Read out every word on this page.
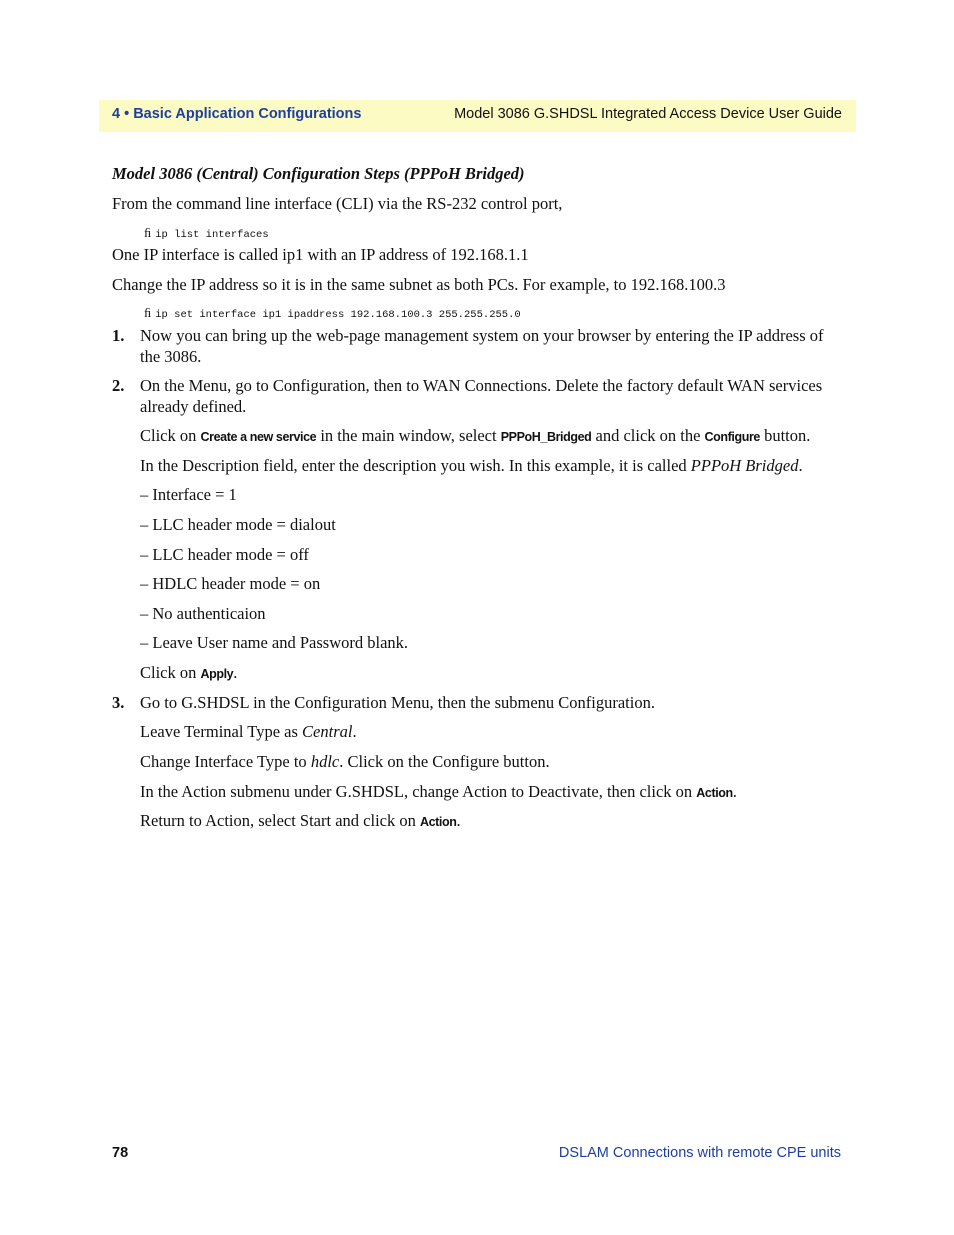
4 • Basic Application Configurations	Model 3086 G.SHDSL Integrated Access Device User Guide
Model 3086 (Central) Configuration Steps (PPPoH Bridged)
From the command line interface (CLI) via the RS-232 control port,
ﬁ ip list interfaces
One IP interface is called ip1 with an IP address of 192.168.1.1
Change the IP address so it is in the same subnet as both PCs. For example, to 192.168.100.3
ﬁ ip set interface ip1 ipaddress 192.168.100.3 255.255.255.0
1. Now you can bring up the web-page management system on your browser by entering the IP address of
the 3086.
2. On the Menu, go to Configuration, then to WAN Connections. Delete the factory default WAN services
already defined.
Click on Create a new service in the main window, select PPPoH_Bridged and click on the Configure button.
In the Description field, enter the description you wish. In this example, it is called PPPoH Bridged.
– Interface = 1
– LLC header mode = dialout
– LLC header mode = off
– HDLC header mode = on
– No authenticaion
– Leave User name and Password blank.
Click on Apply.
3. Go to G.SHDSL in the Configuration Menu, then the submenu Configuration.
Leave Terminal Type as Central.
Change Interface Type to hdlc. Click on the Configure button.
In the Action submenu under G.SHDSL, change Action to Deactivate, then click on Action.
Return to Action, select Start and click on Action.
78	DSLAM Connections with remote CPE units
